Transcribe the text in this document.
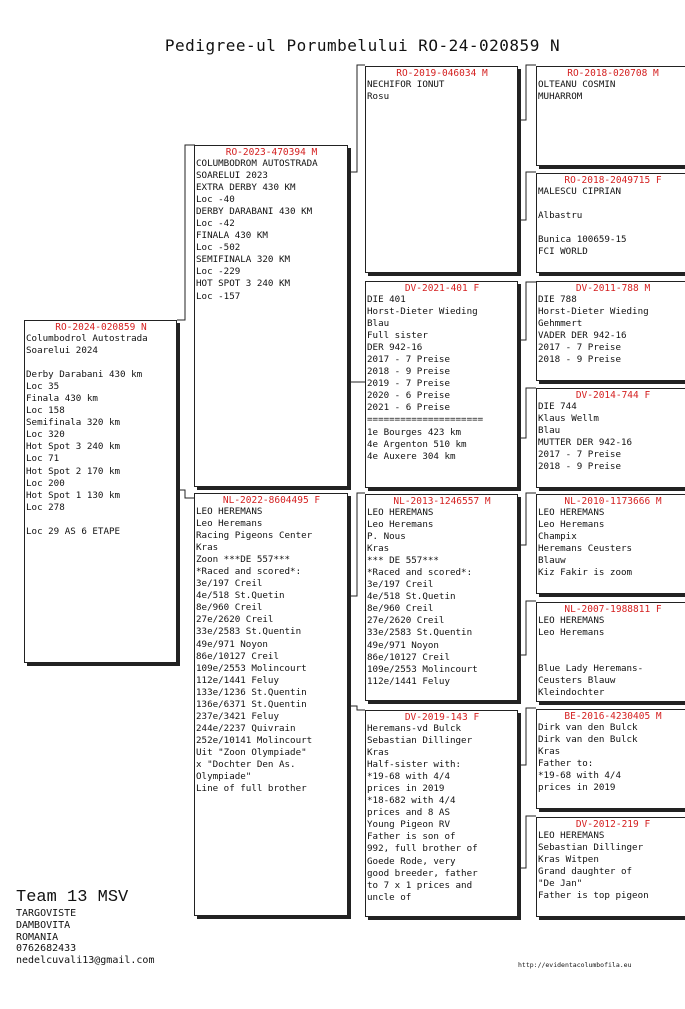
Pedigree-ul Porumbelului RO-24-020859 N
RO-2024-020859 N
Columbodrol Autostrada
Soarelui 2024

Derby Darabani 430 km
Loc 35
Finala 430 km
Loc 158
Semifinala 320 km
Loc 320
Hot Spot 3 240 km
Loc 71
Hot Spot 2 170 km
Loc 200
Hot Spot 1 130 km
Loc 278

Loc 29 AS 6 ETAPE
RO-2023-470394 M
COLUMBODROM AUTOSTRADA
SOARELUI 2023
EXTRA DERBY 430 KM
Loc -40
DERBY DARABANI 430 KM
Loc -42
FINALA 430 KM
Loc -502
SEMIFINALA 320 KM
Loc -229
HOT SPOT 3 240 KM
Loc -157
NL-2022-8604495 F
LEO HEREMANS
Leo Heremans
Racing Pigeons Center
Kras
Zoon ***DE 557***
*Raced and scored*:
3e/197 Creil
4e/518 St.Quetin
8e/960 Creil
27e/2620 Creil
33e/2583 St.Quentin
49e/971 Noyon
86e/10127 Creil
109e/2553 Molincourt
112e/1441 Feluy
133e/1236 St.Quentin
136e/6371 St.Quentin
237e/3421 Feluy
244e/2237 Quivrain
252e/10141 Molincourt
Uit "Zoon Olympiade"
x "Dochter Den As.
Olympiade"
Line of full brother
RO-2019-046034 M
NECHIFOR IONUT
Rosu
DV-2021-401 F
DIE 401
Horst-Dieter Wieding
Blau
Full sister
DER 942-16
2017 - 7 Preise
2018 - 9 Preise
2019 - 7 Preise
2020 - 6 Preise
2021 - 6 Preise
=====================
1e Bourges 423 km
4e Argenton 510 km
4e Auxere 304 km
NL-2013-1246557 M
LEO HEREMANS
Leo Heremans
P. Nous
Kras
*** DE 557***
*Raced and scored*:
3e/197 Creil
4e/518 St.Quetin
8e/960 Creil
27e/2620 Creil
33e/2583 St.Quentin
49e/971 Noyon
86e/10127 Creil
109e/2553 Molincourt
112e/1441 Feluy
DV-2019-143 F
Heremans-vd Bulck
Sebastian Dillinger
Kras
Half-sister with:
*19-68 with 4/4
prices in 2019
*18-682 with 4/4
prices and 8 AS
Young Pigeon RV
Father is son of
992, full brother of
Goede Rode, very
good breeder, father
to 7 x 1 prices and
uncle of
RO-2018-020708 M
OLTEANU COSMIN
MUHARROM
RO-2018-2049715 F
MALESCU CIPRIAN

Albastru

Bunica 100659-15
FCI WORLD
DV-2011-788 M
DIE 788
Horst-Dieter Wieding
Gehmmert
VADER DER 942-16
2017 - 7 Preise
2018 - 9 Preise
DV-2014-744 F
DIE 744
Klaus Wellm
Blau
MUTTER DER 942-16
2017 - 7 Preise
2018 - 9 Preise
NL-2010-1173666 M
LEO HEREMANS
Leo Heremans
Champix
Heremans Ceusters
Blauw
Kiz Fakir is zoom
NL-2007-1988811 F
LEO HEREMANS
Leo Heremans

Blue Lady Heremans-
Ceusters Blauw
Kleindochter
BE-2016-4230405 M
Dirk van den Bulck
Dirk van den Bulck
Kras
Father to:
*19-68 with 4/4
prices in 2019
DV-2012-219 F
LEO HEREMANS
Sebastian Dillinger
Kras Witpen
Grand daughter of
"De Jan"
Father is top pigeon
Team 13 MSV
TARGOVISTE
DAMBOVITA
ROMANIA
0762682433
nedelcuvali13@gmail.com	http://evidentacolumbofila.eu
